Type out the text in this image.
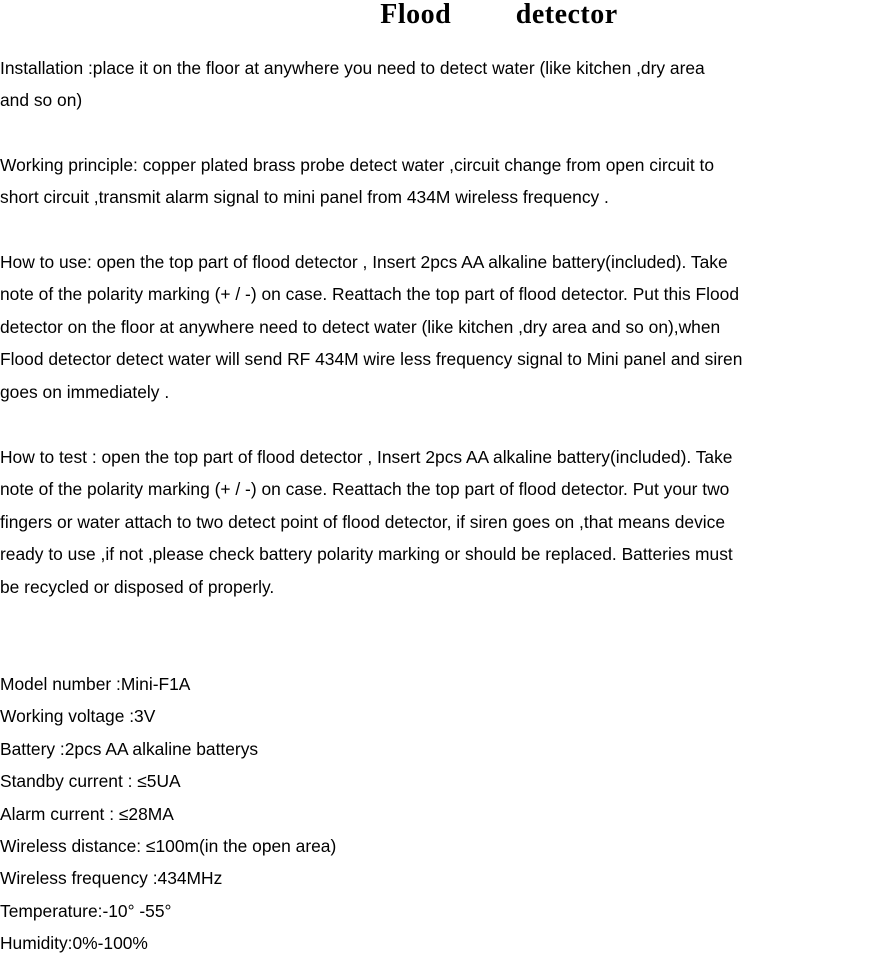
Flood   detector

Installation :place it on the floor at anywhere you need to detect water (like kitchen ,dry area
and so on)

Working principle: copper plated brass probe detect water ,circuit change from open circuit to
short circuit ,transmit alarm signal to mini panel from 434M wireless frequency .

How to use: open the top part of flood detector , Insert 2pcs AA alkaline battery(included). Take
note of the polarity marking (+ / -) on case. Reattach the top part of flood detector. Put this Flood
detector on the floor at anywhere need to detect water (like kitchen ,dry area and so on),when
Flood detector detect water will send RF 434M wire less frequency signal to Mini panel and siren
goes on immediately .

How to test : open the top part of flood detector , Insert 2pcs AA alkaline battery(included). Take
note of the polarity marking (+ / -) on case. Reattach the top part of flood detector. Put your two
fingers or water attach to two detect point of flood detector, if siren goes on ,that means device
ready to use ,if not ,please check battery polarity marking or should be replaced. Batteries must
be recycled or disposed of properly.

Model number :Mini-F1A
Working voltage :3V
Battery :2pcs AA alkaline batterys
Standby current : ≤5UA
Alarm current : ≤28MA
Wireless distance: ≤100m(in the open area)
Wireless frequency :434MHz
Temperature:-10° -55°
Humidity:0%-100%
